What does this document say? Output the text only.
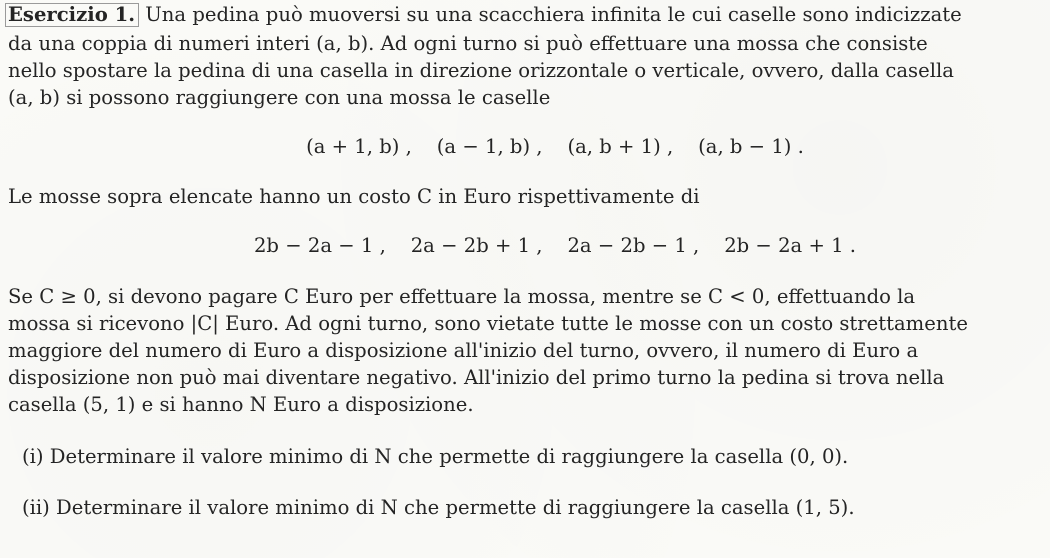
Esercizio 1. Una pedina può muoversi su una scacchiera infinita le cui caselle sono indicizzate

da una coppia di numeri interi (a, b). Ad ogni turno si può effettuare una mossa che consiste

nello spostare la pedina di una casella in direzione orizzontale o verticale, ovvero, dalla casella

(a, b) si possono raggiungere con una mossa le caselle

(a + 1, b) ,    (a − 1, b) ,    (a, b + 1) ,    (a, b − 1) .

Le mosse sopra elencate hanno un costo C in Euro rispettivamente di

2b − 2a − 1 ,    2a − 2b + 1 ,    2a − 2b − 1 ,    2b − 2a + 1 .

Se C ≥ 0, si devono pagare C Euro per effettuare la mossa, mentre se C < 0, effettuando la

mossa si ricevono |C| Euro. Ad ogni turno, sono vietate tutte le mosse con un costo strettamente

maggiore del numero di Euro a disposizione all'inizio del turno, ovvero, il numero di Euro a

disposizione non può mai diventare negativo. All'inizio del primo turno la pedina si trova nella

casella (5, 1) e si hanno N Euro a disposizione.

(i) Determinare il valore minimo di N che permette di raggiungere la casella (0, 0).

(ii) Determinare il valore minimo di N che permette di raggiungere la casella (1, 5).
